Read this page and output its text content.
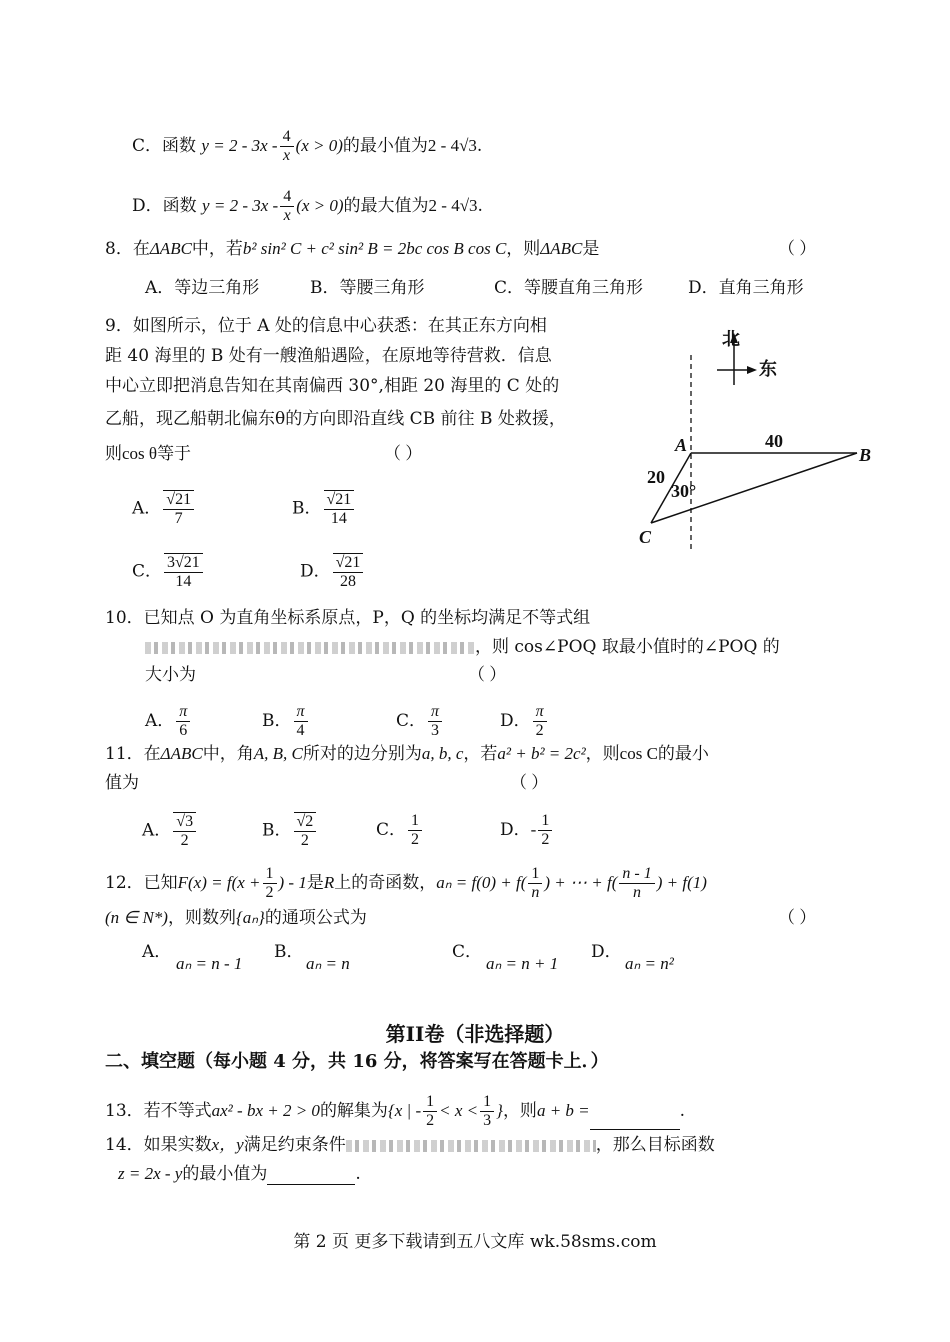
C．函数 $y = 2 - 3x - \frac{4}{x} (x > 0)$的最小值为2 - 4√3.
D．函数 $y = 2 - 3x - \frac{4}{x} (x > 0)$的最大值为2 - 4√3.
8．在ΔABC中，若b² sin² C + c² sin² B = 2bc cos B cos C，则ΔABC是	（ ）
A．等边三角形	B．等腰三角形	C．等腰直角三角形	D．直角三角形
9．如图所示，位于 A 处的信息中心获悉：在其正东方向相
距 40 海里的 B 处有一艘渔船遇险，在原地等待营救．信息
中心立即把消息告知在其南偏西 30°,相距 20 海里的 C 处的
乙船，现乙船朝北偏东θ的方向即沿直线 CB 前往 B 处救援，
则cos θ等于	（ ）
A． $\frac{√21}{7}$	B． $\frac{√21}{14}$
C． $\frac{3√21}{14}$	D． $\frac{√21}{28}$
北
东
A	B
C
40
20
30°
10．已知点 O 为直角坐标系原点，P，Q 的坐标均满足不等式组
，则 cos∠POQ 取最小值时的∠POQ 的
大小为	（ ）
A． $\frac{\pi}{6}$	B． $\frac{\pi}{4}$	C． $\frac{\pi}{3}$	D． $\frac{\pi}{2}$
11．在ΔABC中，角A, B, C所对的边分别为a, b, c，若a² + b² = 2c²，则cos C的最小
值为	（ ）
A． $\frac{√3}{2}$	B． $\frac{√2}{2}$	C． $\frac{1}{2}$	D．- $\frac{1}{2}$
12．已知$F(x) = f(x + \frac{1}{2}$ ) - 1是R上的奇函数，$a_n = f(0) + f( \frac{1}{n}$ ) + ⋯ + $f( \frac{n - 1}{n}$ ) + f(1)
(n ∈ N*)，则数列{aₙ}的通项公式为	（ ）
A．
aₙ = n - 1
B．
aₙ = n
C．
aₙ = n + 1
D．
aₙ = n²
第II卷（非选择题）
二、填空题（每小题 4 分，共 16 分，将答案写在答题卡上．）
13．若不等式ax² - bx + 2 > 0的解集为{x | - $\frac{1}{2} < x < \frac{1}{3}$ }，则a + b =	.
14．如果实数x，y满足约束条件	，那么目标函数
z = 2x - y的最小值为	.
第 2 页 更多下载请到五八文库 wk.58sms.com
